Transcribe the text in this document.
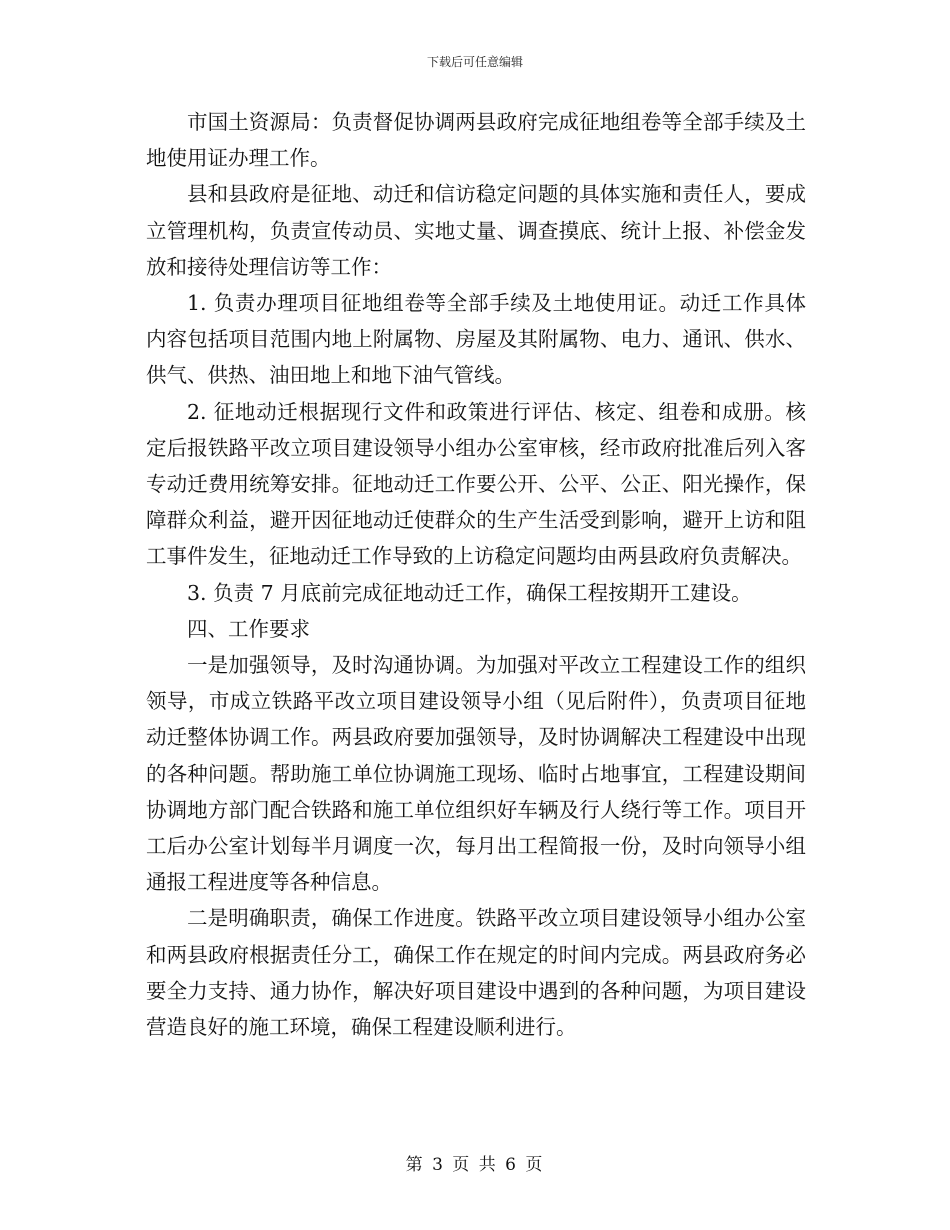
下载后可任意编辑

市国土资源局：负责督促协调两县政府完成征地组卷等全部手续及土地使用证办理工作。

县和县政府是征地、动迁和信访稳定问题的具体实施和责任人，要成立管理机构，负责宣传动员、实地丈量、调查摸底、统计上报、补偿金发放和接待处理信访等工作：

1. 负责办理项目征地组卷等全部手续及土地使用证。动迁工作具体内容包括项目范围内地上附属物、房屋及其附属物、电力、通讯、供水、供气、供热、油田地上和地下油气管线。

2. 征地动迁根据现行文件和政策进行评估、核定、组卷和成册。核定后报铁路平改立项目建设领导小组办公室审核，经市政府批准后列入客专动迁费用统筹安排。征地动迁工作要公开、公平、公正、阳光操作，保障群众利益，避开因征地动迁使群众的生产生活受到影响，避开上访和阻工事件发生，征地动迁工作导致的上访稳定问题均由两县政府负责解决。

3. 负责 7 月底前完成征地动迁工作，确保工程按期开工建设。

四、工作要求

一是加强领导，及时沟通协调。为加强对平改立工程建设工作的组织领导，市成立铁路平改立项目建设领导小组（见后附件），负责项目征地动迁整体协调工作。两县政府要加强领导，及时协调解决工程建设中出现的各种问题。帮助施工单位协调施工现场、临时占地事宜，工程建设期间协调地方部门配合铁路和施工单位组织好车辆及行人绕行等工作。项目开工后办公室计划每半月调度一次，每月出工程简报一份，及时向领导小组通报工程进度等各种信息。

二是明确职责，确保工作进度。铁路平改立项目建设领导小组办公室和两县政府根据责任分工，确保工作在规定的时间内完成。两县政府务必要全力支持、通力协作，解决好项目建设中遇到的各种问题，为项目建设营造良好的施工环境，确保工程建设顺利进行。

第 3 页 共 6 页
